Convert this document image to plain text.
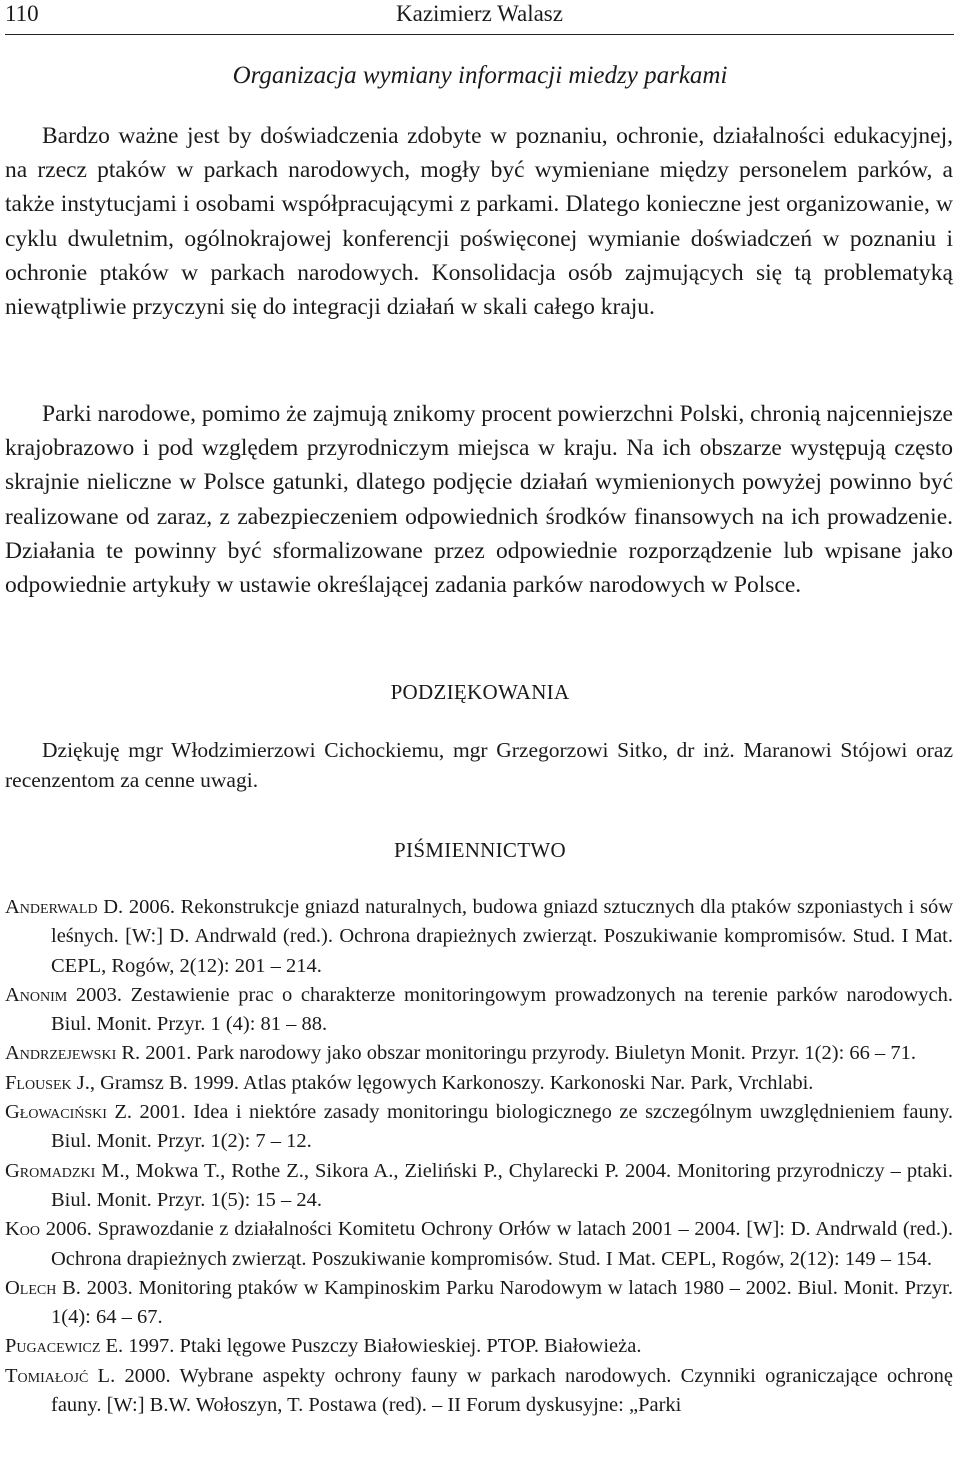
110	Kazimierz Walasz
Organizacja wymiany informacji miedzy parkami

Bardzo ważne jest by doświadczenia zdobyte w poznaniu, ochronie, działalności edukacyjnej, na rzecz ptaków w parkach narodowych, mogły być wymieniane między personelem parków, a także instytucjami i osobami współpracującymi z parkami. Dlatego konieczne jest organizowanie, w cyklu dwuletnim, ogólnokrajowej konferencji poświęconej wymianie doświadczeń w poznaniu i ochronie ptaków w parkach narodowych. Konsolidacja osób zajmujących się tą problematyką niewątpliwie przyczyni się do integracji działań w skali całego kraju.

Parki narodowe, pomimo że zajmują znikomy procent powierzchni Polski, chronią najcenniejsze krajobrazowo i pod względem przyrodniczym miejsca w kraju. Na ich obszarze występują często skrajnie nieliczne w Polsce gatunki, dlatego podjęcie działań wymienionych powyżej powinno być realizowane od zaraz, z zabezpieczeniem odpowiednich środków finansowych na ich prowadzenie. Działania te powinny być sformalizowane przez odpowiednie rozporządzenie lub wpisane jako odpowiednie artykuły w ustawie określającej zadania parków narodowych w Polsce.

PODZIĘKOWANIA

Dziękuję mgr Włodzimierzowi Cichockiemu, mgr Grzegorzowi Sitko, dr inż. Maranowi Stójowi oraz recenzentom za cenne uwagi.

PIŚMIENNICTWO
Anderwald D. 2006. Rekonstrukcje gniazd naturalnych, budowa gniazd sztucznych dla ptaków szponiastych i sów leśnych. [W:] D. Andrwald (red.). Ochrona drapieżnych zwierząt. Poszukiwanie kompromisów. Stud. I Mat. CEPL, Rogów, 2(12): 201 – 214.
Anonim 2003. Zestawienie prac o charakterze monitoringowym prowadzonych na terenie parków narodowych. Biul. Monit. Przyr. 1 (4): 81 – 88.
Andrzejewski R. 2001. Park narodowy jako obszar monitoringu przyrody. Biuletyn Monit. Przyr. 1(2): 66 – 71.
Flousek J., Gramsz B. 1999. Atlas ptaków lęgowych Karkonoszy. Karkonoski Nar. Park, Vrchlabi.
Głowaciński Z. 2001. Idea i niektóre zasady monitoringu biologicznego ze szczególnym uwzględnieniem fauny. Biul. Monit. Przyr. 1(2): 7 – 12.
Gromadzki M., Mokwa T., Rothe Z., Sikora A., Zieliński P., Chylarecki P. 2004. Monitoring przyrodniczy – ptaki. Biul. Monit. Przyr. 1(5): 15 – 24.
Koo 2006. Sprawozdanie z działalności Komitetu Ochrony Orłów w latach 2001 – 2004. [W]: D. Andrwald (red.). Ochrona drapieżnych zwierząt. Poszukiwanie kompromisów. Stud. I Mat. CEPL, Rogów, 2(12): 149 – 154.
Olech B. 2003. Monitoring ptaków w Kampinoskim Parku Narodowym w latach 1980 – 2002. Biul. Monit. Przyr. 1(4): 64 – 67.
Pugacewicz E. 1997. Ptaki lęgowe Puszczy Białowieskiej. PTOP. Białowieża.
Tomiałojć L. 2000. Wybrane aspekty ochrony fauny w parkach narodowych. Czynniki ograniczające ochronę fauny. [W:] B.W. Wołoszyn, T. Postawa (red). – II Forum dyskusyjne: „Parki
